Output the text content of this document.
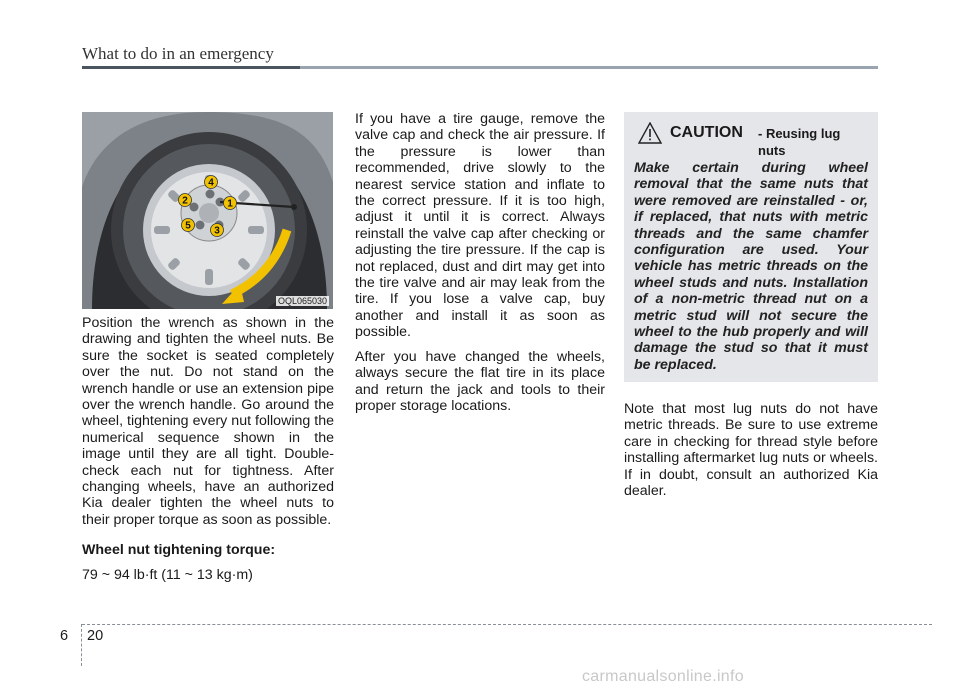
What to do in an emergency
1
2
3
4
5
OQL065030

Position the wrench as shown in the drawing and tighten the wheel nuts. Be sure the socket is seated completely over the nut. Do not stand on the wrench handle or use an extension pipe over the wrench handle. Go around the wheel, tightening every nut following the numerical sequence shown in the image until they are all tight. Double-check each nut for tightness. After changing wheels, have an authorized Kia dealer tighten the wheel nuts to their proper torque as soon as possible.

Wheel nut tightening torque:

79 ~ 94 lb·ft (11 ~ 13 kg·m)

If you have a tire gauge, remove the valve cap and check the air pressure. If the pressure is lower than recommended, drive slowly to the nearest service station and inflate to the correct pressure. If it is too high, adjust it until it is correct. Always reinstall the valve cap after checking or adjusting the tire pressure. If the cap is not replaced, dust and dirt may get into the tire valve and air may leak from the tire. If you lose a valve cap, buy another and install it as soon as possible.

After you have changed the wheels, always secure the flat tire in its place and return the jack and tools to their proper storage locations.

CAUTION - Reusing lug nuts
Make certain during wheel removal that the same nuts that were removed are reinstalled - or, if replaced, that nuts with metric threads and the same chamfer configuration are used. Your vehicle has metric threads on the wheel studs and nuts. Installation of a non-metric thread nut on a metric stud will not secure the wheel to the hub properly and will damage the stud so that it must be replaced.

Note that most lug nuts do not have metric threads. Be sure to use extreme care in checking for thread style before installing aftermarket lug nuts or wheels. If in doubt, consult an authorized Kia dealer.

6 20
carmanualsonline.info
